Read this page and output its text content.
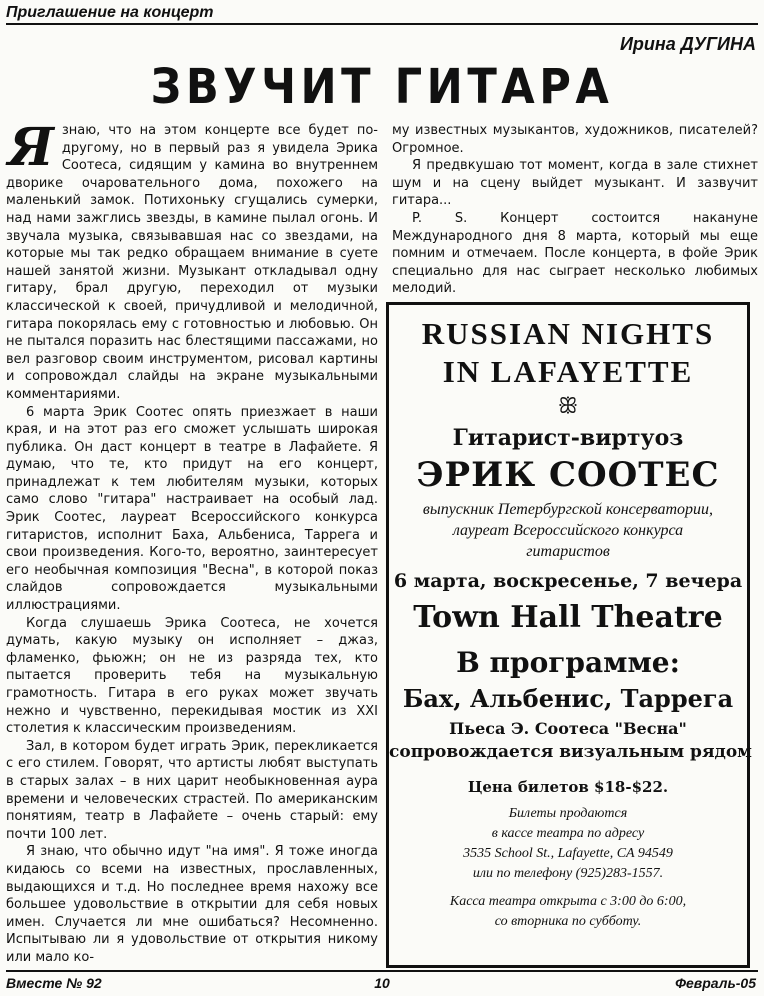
Приглашение на концерт
Ирина ДУГИНА
ЗВУЧИТ ГИТАРА

Язнаю, что на этом концерте все будет по-другому, но в первый раз я увидела Эрика Соотеса, сидящим у камина во внутреннем дворике очаровательного дома, похожего на маленький замок. Потихоньку сгущались сумерки, над нами зажглись звезды, в камине пылал огонь. И звучала музыка, связывавшая нас со звездами, на которые мы так редко обращаем внимание в суете нашей занятой жизни. Музыкант откладывал одну гитару, брал другую, переходил от музыки классической к своей, причудливой и мелодичной, гитара покорялась ему с готовностью и любовью. Он не пытался поразить нас блестящими пассажами, но вел разговор своим инструментом, рисовал картины и сопровождал слайды на экране музыкальными комментариями.

6 марта Эрик Соотес опять приезжает в наши края, и на этот раз его сможет услышать широкая публика. Он даст концерт в театре в Лафайете. Я думаю, что те, кто придут на его концерт, принадлежат к тем любителям музыки, которых само слово "гитара" настраивает на особый лад. Эрик Соотес, лауреат Всероссийского конкурса гитаристов, исполнит Баха, Альбениса, Таррега и свои произведения. Кого-то, вероятно, заинтересует его необычная композиция "Весна", в которой показ слайдов сопровождается музыкальными иллюстрациями.

Когда слушаешь Эрика Соотеса, не хочется думать, какую музыку он исполняет – джаз, фламенко, фьюжн; он не из разряда тех, кто пытается проверить тебя на музыкальную грамотность. Гитара в его руках может звучать нежно и чувственно, перекидывая мостик из XXI столетия к классическим произведениям.

Зал, в котором будет играть Эрик, перекликается с его стилем. Говорят, что артисты любят выступать в старых залах – в них царит необыкновенная аура времени и человеческих страстей. По американским понятиям, театр в Лафайете – очень старый: ему почти 100 лет.

Я знаю, что обычно идут "на имя". Я тоже иногда кидаюсь со всеми на известных, прославленных, выдающихся и т.д. Но последнее время нахожу все большее удовольствие в открытии для себя новых имен. Случается ли мне ошибаться? Несомненно. Испытываю ли я удовольствие от открытия никому или мало ко-

му известных музыкантов, художников, писателей? Огромное.

Я предвкушаю тот момент, когда в зале стихнет шум и на сцену выйдет музыкант. И зазвучит гитара...

P. S. Концерт состоится накануне Международного дня 8 марта, который мы еще помним и отмечаем. После концерта, в фойе Эрик специально для нас сыграет несколько любимых мелодий.

RUSSIAN NIGHTS
IN LAFAYETTE
ꕥ
Гитарист-виртуоз
ЭРИК СООТЕС
выпускник Петербургской консерватории,
лауреат Всероссийского конкурса
гитаристов
6 марта, воскресенье, 7 вечера
Town Hall Theatre
В программе:
Бах, Альбенис, Таррега
Пьеса Э. Соотеса "Весна"
сопровождается визуальным рядом
Цена билетов $18-$22.
Билеты продаются
в кассе театра по адресу
3535 School St., Lafayette, CA 94549
или по телефону (925)283-1557.
Касса театра открыта с 3:00 до 6:00,
со вторника по субботу.
10
Вместе № 92	Февраль-05
